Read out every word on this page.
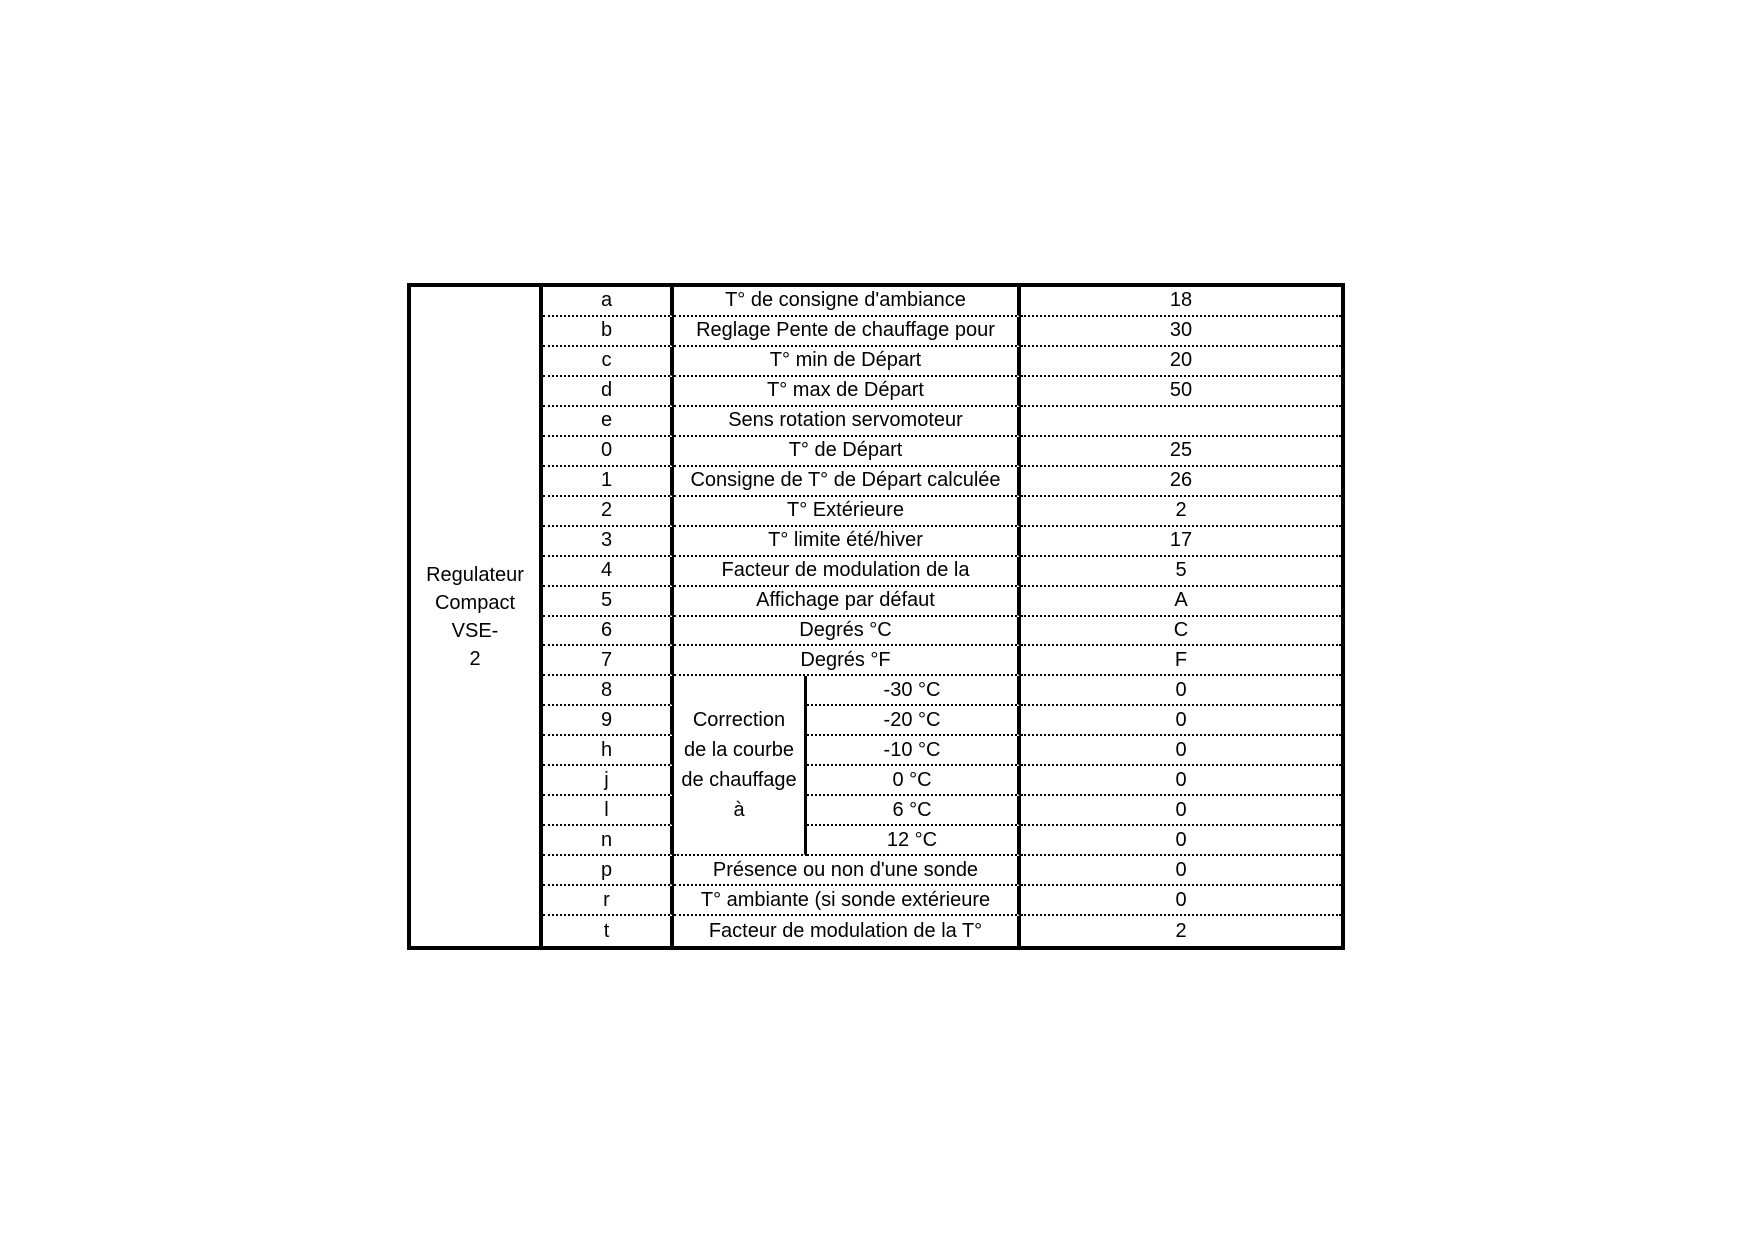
Regulateur
Compact VSE-
2
a	T° de consigne d'ambiance	18
b	Reglage Pente de chauffage pour	30
c	T° min de Départ	20
d	T° max de Départ	50
e	Sens rotation servomoteur
0	T° de Départ	25
1	Consigne de T° de Départ calculée	26
2	T° Extérieure	2
3	T° limite été/hiver	17
4	Facteur de modulation de la	5
5	Affichage par défaut	A
6	Degrés °C	C
7	Degrés °F	F
Correction
de la courbe
de chauffage
à
8	-30 °C	0
9	-20 °C	0
h	-10 °C	0
j	0 °C	0
l	6 °C	0
n	12 °C	0
p	Présence ou non d'une sonde	0
r	T° ambiante (si sonde extérieure	0
t	Facteur de modulation de la T°	2
